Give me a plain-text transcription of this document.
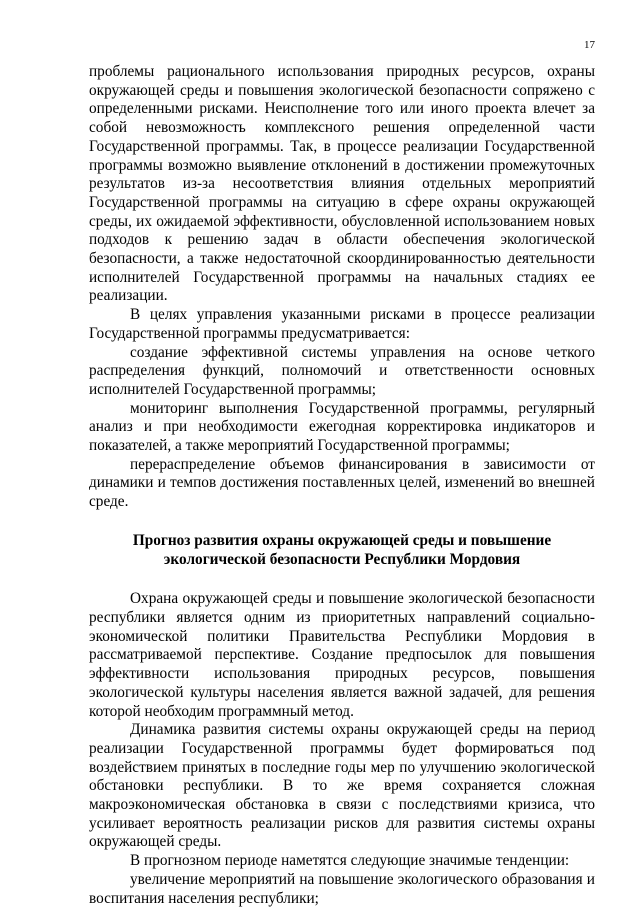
17

проблемы рационального использования природных ресурсов, охраны окружающей среды и повышения экологической безопасности сопряжено с определенными рисками. Неисполнение того или иного проекта влечет за собой невозможность комплексного решения определенной части Государственной программы. Так, в процессе реализации Государственной программы возможно выявление отклонений в достижении промежуточных результатов из-за несоответствия влияния отдельных мероприятий Государственной программы на ситуацию в сфере охраны окружающей среды, их ожидаемой эффективности, обусловленной использованием новых подходов к решению задач в области обеспечения экологической безопасности, а также недостаточной скоординированностью деятельности исполнителей Государственной программы на начальных стадиях ее реализации.

В целях управления указанными рисками в процессе реализации Государственной программы предусматривается:

создание эффективной системы управления на основе четкого распределения функций, полномочий и ответственности основных исполнителей Государственной программы;

мониторинг выполнения Государственной программы, регулярный анализ и при необходимости ежегодная корректировка индикаторов и показателей, а также мероприятий Государственной программы;

перераспределение объемов финансирования в зависимости от динамики и темпов достижения поставленных целей, изменений во внешней среде.

Прогноз развития охраны окружающей среды и повышение
экологической безопасности Республики Мордовия

Охрана окружающей среды и повышение экологической безопасности республики является одним из приоритетных направлений социально-экономической политики Правительства Республики Мордовия в рассматриваемой перспективе. Создание предпосылок для повышения эффективности использования природных ресурсов, повышения экологической культуры населения является важной задачей, для решения которой необходим программный метод.

Динамика развития системы охраны окружающей среды на период реализации Государственной программы будет формироваться под воздействием принятых в последние годы мер по улучшению экологической обстановки республики. В то же время сохраняется сложная макроэкономическая обстановка в связи с последствиями кризиса, что усиливает вероятность реализации рисков для развития системы охраны окружающей среды.

В прогнозном периоде наметятся следующие значимые тенденции:

увеличение мероприятий на повышение экологического образования и воспитания населения республики;
